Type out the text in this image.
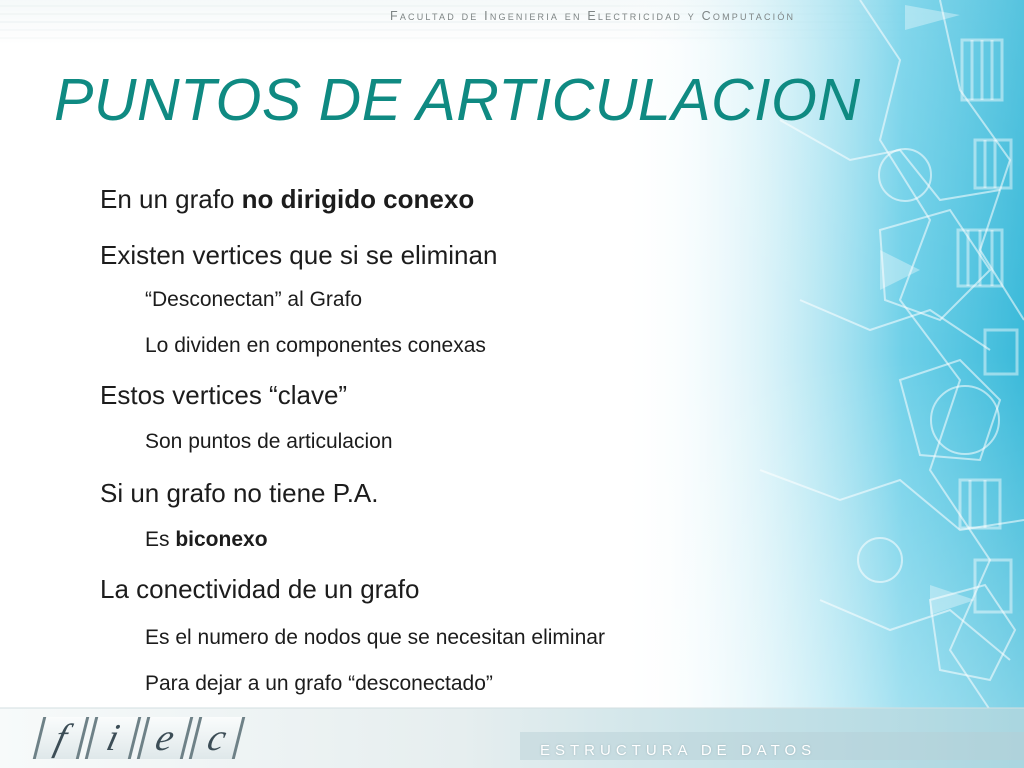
Facultad de Ingenieria en Electricidad y Computación
PUNTOS DE ARTICULACION
En un grafo no dirigido conexo
Existen vertices que si se eliminan
“Desconectan” al Grafo
Lo dividen en componentes conexas
Estos vertices “clave”
Son puntos de articulacion
Si un grafo no tiene P.A.
Es biconexo
La conectividad de un grafo
Es el numero de nodos que se necesitan eliminar
Para dejar a un grafo “desconectado”
f i e c	ESTRUCTURA DE DATOS
